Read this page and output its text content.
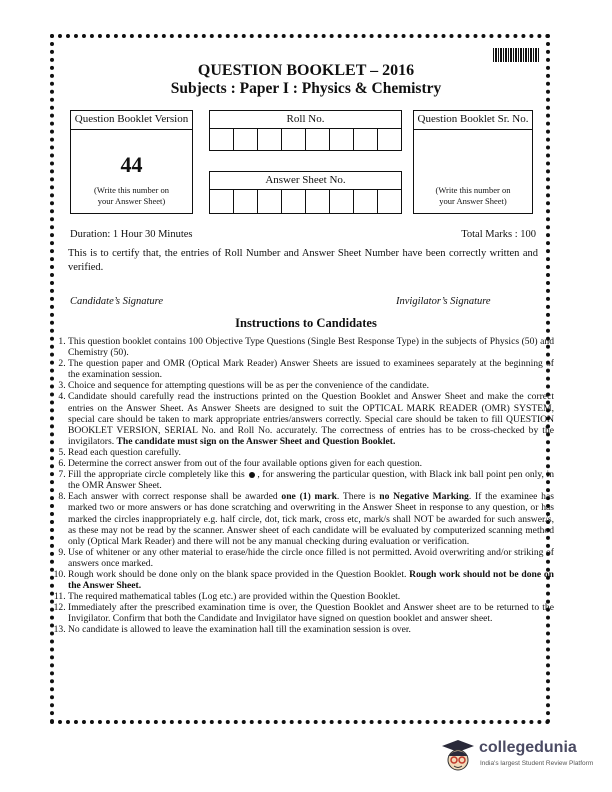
QUESTION BOOKLET – 2016
Subjects : Paper I : Physics & Chemistry
Question Booklet Version
44
(Write this number on
your Answer Sheet)
Roll No.
Answer Sheet No.
Question Booklet Sr. No.
(Write this number on
your Answer Sheet)
Duration: 1 Hour 30 Minutes	Total Marks : 100
This is to certify that, the entries of Roll Number and Answer Sheet Number have been correctly written and verified.
Candidate’s Signature	Invigilator’s Signature
Instructions to Candidates
1. This question booklet contains 100 Objective Type Questions (Single Best Response Type) in the subjects of Physics (50) and Chemistry (50).
2. The question paper and OMR (Optical Mark Reader) Answer Sheets are issued to examinees separately at the beginning of the examination session.
3. Choice and sequence for attempting questions will be as per the convenience of the candidate.
4. Candidate should carefully read the instructions printed on the Question Booklet and Answer Sheet and make the correct entries on the Answer Sheet. As Answer Sheets are designed to suit the OPTICAL MARK READER (OMR) SYSTEM, special care should be taken to mark appropriate entries/answers correctly. Special care should be taken to fill QUESTION BOOKLET VERSION, SERIAL No. and Roll No. accurately. The correctness of entries has to be cross-checked by the invigilators. The candidate must sign on the Answer Sheet and Question Booklet.
5. Read each question carefully.
6. Determine the correct answer from out of the four available options given for each question.
7. Fill the appropriate circle completely like this , for answering the particular question, with Black ink ball point pen only, in the OMR Answer Sheet.
8. Each answer with correct response shall be awarded one (1) mark. There is no Negative Marking. If the examinee has marked two or more answers or has done scratching and overwriting in the Answer Sheet in response to any question, or has marked the circles inappropriately e.g. half circle, dot, tick mark, cross etc, mark/s shall NOT be awarded for such answer/s, as these may not be read by the scanner. Answer sheet of each candidate will be evaluated by computerized scanning method only (Optical Mark Reader) and there will not be any manual checking during evaluation or verification.
9. Use of whitener or any other material to erase/hide the circle once filled is not permitted. Avoid overwriting and/or striking of answers once marked.
10. Rough work should be done only on the blank space provided in the Question Booklet. Rough work should not be done on the Answer Sheet.
11. The required mathematical tables (Log etc.) are provided within the Question Booklet.
12. Immediately after the prescribed examination time is over, the Question Booklet and Answer sheet are to be returned to the Invigilator. Confirm that both the Candidate and Invigilator have signed on question booklet and answer sheet.
13. No candidate is allowed to leave the examination hall till the examination session is over.
collegedunia
India's largest Student Review Platform
